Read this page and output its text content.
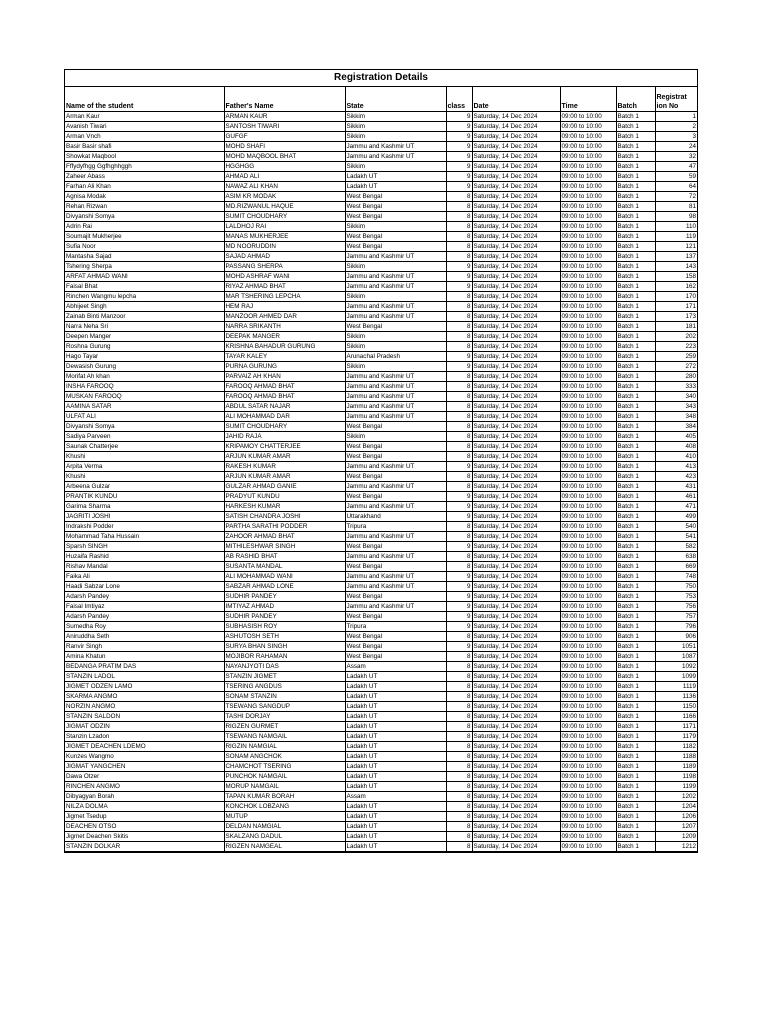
Registration Details
Name of the student	Father's Name	State	class	Date	Time	Batch	Registrat ion No
Arman Kaur	ARMAN KAUR	Sikkim	9	Saturday, 14 Dec 2024	09:00 to 10:00	Batch 1	1
Avanish Tiwari	SANTOSH TIWARI	Sikkim	9	Saturday, 14 Dec 2024	09:00 to 10:00	Batch 1	2
Arman Vnch	GUFGF	Sikkim	9	Saturday, 14 Dec 2024	09:00 to 10:00	Batch 1	3
Basir Basir shafi	MOHD SHAFI	Jammu and Kashmir UT	9	Saturday, 14 Dec 2024	09:00 to 10:00	Batch 1	24
Showkat Maqbool	MOHD MAQBOOL BHAT	Jammu and Kashmir UT	9	Saturday, 14 Dec 2024	09:00 to 10:00	Batch 1	32
Fffydyfhgg Ggfhghhggh	HGGHGG	Sikkim	9	Saturday, 14 Dec 2024	09:00 to 10:00	Batch 1	47
Zaheer Abass	AHMAD ALI	Ladakh UT	9	Saturday, 14 Dec 2024	09:00 to 10:00	Batch 1	59
Farhan Ali Khan	NAWAZ ALI KHAN	Ladakh UT	9	Saturday, 14 Dec 2024	09:00 to 10:00	Batch 1	64
Agnisa Modak	ASIM KR MODAK	West Bengal	8	Saturday, 14 Dec 2024	09:00 to 10:00	Batch 1	72
Rehan Rizwan	MD.RIZWANUL HAQUE	West Bengal	8	Saturday, 14 Dec 2024	09:00 to 10:00	Batch 1	81
Divyanshi Somya	SUMIT CHOUDHARY	West Bengal	8	Saturday, 14 Dec 2024	09:00 to 10:00	Batch 1	98
Adrin Rai	LALDHOJ RAI	Sikkim	8	Saturday, 14 Dec 2024	09:00 to 10:00	Batch 1	110
Soumajit Mukherjee	MANAS MUKHERJEE	West Bengal	8	Saturday, 14 Dec 2024	09:00 to 10:00	Batch 1	119
Sufia Noor	MD NOORUDDIN	West Bengal	8	Saturday, 14 Dec 2024	09:00 to 10:00	Batch 1	121
Mantasha Sajad	SAJAD AHMAD	Jammu and Kashmir UT	8	Saturday, 14 Dec 2024	09:00 to 10:00	Batch 1	137
Tshering Sherpa	PASSANG SHERPA	Sikkim	9	Saturday, 14 Dec 2024	09:00 to 10:00	Batch 1	143
ARFAT AHMAD WANI	MOHD ASHRAF WANI	Jammu and Kashmir UT	9	Saturday, 14 Dec 2024	09:00 to 10:00	Batch 1	158
Faisal Bhat	RIYAZ AHMAD BHAT	Jammu and Kashmir UT	9	Saturday, 14 Dec 2024	09:00 to 10:00	Batch 1	162
Rinchen Wangmu lepcha	MAR TSHERING LEPCHA	Sikkim	8	Saturday, 14 Dec 2024	09:00 to 10:00	Batch 1	170
Abhijeet Singh	HEM RAJ	Jammu and Kashmir UT	8	Saturday, 14 Dec 2024	09:00 to 10:00	Batch 1	171
Zainab Binti Manzoor	MANZOOR AHMED DAR	Jammu and Kashmir UT	8	Saturday, 14 Dec 2024	09:00 to 10:00	Batch 1	173
Narra Neha Sri	NARRA SRIKANTH	West Bengal	8	Saturday, 14 Dec 2024	09:00 to 10:00	Batch 1	181
Deepen Manger	DEEPAK MANGER	Sikkim	8	Saturday, 14 Dec 2024	09:00 to 10:00	Batch 1	202
Roshna Gurung	KRISHNA BAHADUR GURUNG	Sikkim	8	Saturday, 14 Dec 2024	09:00 to 10:00	Batch 1	223
Hago Tayar	TAYAR KALEY	Arunachal Pradesh	9	Saturday, 14 Dec 2024	09:00 to 10:00	Batch 1	259
Dewasish Gurung	PURNA GURUNG	Sikkim	9	Saturday, 14 Dec 2024	09:00 to 10:00	Batch 1	272
Morifat Ah khan	PARVAIZ AH KHAN	Jammu and Kashmir UT	8	Saturday, 14 Dec 2024	09:00 to 10:00	Batch 1	280
INSHA FAROOQ	FAROOQ AHMAD BHAT	Jammu and Kashmir UT	8	Saturday, 14 Dec 2024	09:00 to 10:00	Batch 1	333
MUSKAN FAROOQ	FAROOQ AHMAD BHAT	Jammu and Kashmir UT	8	Saturday, 14 Dec 2024	09:00 to 10:00	Batch 1	340
AAMINA SATAR	ABDUL SATAR NAJAR	Jammu and Kashmir UT	8	Saturday, 14 Dec 2024	09:00 to 10:00	Batch 1	343
ULFAT ALI	ALI MOHAMMAD DAR	Jammu and Kashmir UT	8	Saturday, 14 Dec 2024	09:00 to 10:00	Batch 1	348
Divyanshi Somya	SUMIT CHOUDHARY	West Bengal	8	Saturday, 14 Dec 2024	09:00 to 10:00	Batch 1	384
Sadiya Parveen	JAHID RAJA	Sikkim	8	Saturday, 14 Dec 2024	09:00 to 10:00	Batch 1	405
Saunak Chatterjee	KRIPAMOY CHATTERJEE	West Bengal	8	Saturday, 14 Dec 2024	09:00 to 10:00	Batch 1	408
Khushi	ARJUN KUMAR AMAR	West Bengal	8	Saturday, 14 Dec 2024	09:00 to 10:00	Batch 1	410
Arpita Verma	RAKESH KUMAR	Jammu and Kashmir UT	9	Saturday, 14 Dec 2024	09:00 to 10:00	Batch 1	413
Khushi	ARJUN KUMAR AMAR	West Bengal	8	Saturday, 14 Dec 2024	09:00 to 10:00	Batch 1	423
Arbeena Gulzar	GULZAR AHMAD GANIE	Jammu and Kashmir UT	8	Saturday, 14 Dec 2024	09:00 to 10:00	Batch 1	431
PRANTIK KUNDU	PRADYUT KUNDU	West Bengal	9	Saturday, 14 Dec 2024	09:00 to 10:00	Batch 1	461
Garima Sharma	HARKESH KUMAR	Jammu and Kashmir UT	9	Saturday, 14 Dec 2024	09:00 to 10:00	Batch 1	471
JAGRITI JOSHI	SATISH CHANDRA JOSHI	Uttarakhand	9	Saturday, 14 Dec 2024	09:00 to 10:00	Batch 1	499
Indrakshi Podder	PARTHA SARATHI PODDER	Tripura	8	Saturday, 14 Dec 2024	09:00 to 10:00	Batch 1	540
Mohammad Taha Hussain	ZAHOOR AHMAD BHAT	Jammu and Kashmir UT	8	Saturday, 14 Dec 2024	09:00 to 10:00	Batch 1	541
Sparsh SINGH	MITHILESHWAR SINGH	West Bengal	9	Saturday, 14 Dec 2024	09:00 to 10:00	Batch 1	582
Huzaifa Rashid	AB RASHID BHAT	Jammu and Kashmir UT	8	Saturday, 14 Dec 2024	09:00 to 10:00	Batch 1	638
Rishav Mandal	SUSANTA MANDAL	West Bengal	8	Saturday, 14 Dec 2024	09:00 to 10:00	Batch 1	669
Faika Ali	ALI MOHAMMAD WANI	Jammu and Kashmir UT	9	Saturday, 14 Dec 2024	09:00 to 10:00	Batch 1	748
Haadi Sabzar Lone	SABZAR AHMAD LONE	Jammu and Kashmir UT	9	Saturday, 14 Dec 2024	09:00 to 10:00	Batch 1	750
Adarsh Pandey	SUDHIR PANDEY	West Bengal	9	Saturday, 14 Dec 2024	09:00 to 10:00	Batch 1	753
Faisal Imtiyaz	IMTIYAZ AHMAD	Jammu and Kashmir UT	9	Saturday, 14 Dec 2024	09:00 to 10:00	Batch 1	756
Adarsh Pandey	SUDHIR PANDEY	West Bengal	9	Saturday, 14 Dec 2024	09:00 to 10:00	Batch 1	757
Sumedha Roy	SUBHASISH ROY	Tripura	9	Saturday, 14 Dec 2024	09:00 to 10:00	Batch 1	796
Aniruddha Seth	ASHUTOSH SETH	West Bengal	8	Saturday, 14 Dec 2024	09:00 to 10:00	Batch 1	906
Ranvir Singh	SURYA BHAN SINGH	West Bengal	9	Saturday, 14 Dec 2024	09:00 to 10:00	Batch 1	1051
Amina Khatun	MOJIBOR RAHAMAN	West Bengal	8	Saturday, 14 Dec 2024	09:00 to 10:00	Batch 1	1087
BEDANGA PRATIM DAS	NAYANJYOTI DAS	Assam	8	Saturday, 14 Dec 2024	09:00 to 10:00	Batch 1	1092
STANZIN LADOL	STANZIN JIGMET	Ladakh UT	8	Saturday, 14 Dec 2024	09:00 to 10:00	Batch 1	1099
JIGMET ODZEN LAMO	TSERING ANGDUS	Ladakh UT	8	Saturday, 14 Dec 2024	09:00 to 10:00	Batch 1	1119
SKARMA ANGMO	SONAM STANZIN	Ladakh UT	8	Saturday, 14 Dec 2024	09:00 to 10:00	Batch 1	1136
NORZIN ANGMO	TSEWANG SANGDUP	Ladakh UT	8	Saturday, 14 Dec 2024	09:00 to 10:00	Batch 1	1150
STANZIN SALDON	TASHI DORJAY	Ladakh UT	8	Saturday, 14 Dec 2024	09:00 to 10:00	Batch 1	1166
JIGMAT ODZIN	RIGZEN GURMET	Ladakh UT	8	Saturday, 14 Dec 2024	09:00 to 10:00	Batch 1	1171
Stanzin Lzadon	TSEWANG NAMGAIL	Ladakh UT	8	Saturday, 14 Dec 2024	09:00 to 10:00	Batch 1	1179
JIGMET DEACHEN LDEMO	RIGZIN NAMGIAL	Ladakh UT	8	Saturday, 14 Dec 2024	09:00 to 10:00	Batch 1	1182
Kunzes Wangmo	SONAM ANGCHOK	Ladakh UT	8	Saturday, 14 Dec 2024	09:00 to 10:00	Batch 1	1188
JIGMAT YANGCHEN	CHAMCHOT TSERING	Ladakh UT	8	Saturday, 14 Dec 2024	09:00 to 10:00	Batch 1	1189
Dawa Otzer	PUNCHOK NAMGAIL	Ladakh UT	8	Saturday, 14 Dec 2024	09:00 to 10:00	Batch 1	1198
RINCHEN ANGMO	MORUP NAMGAIL	Ladakh UT	8	Saturday, 14 Dec 2024	09:00 to 10:00	Batch 1	1199
Dibyagyan Borah	TAPAN KUMAR BORAH	Assam	8	Saturday, 14 Dec 2024	09:00 to 10:00	Batch 1	1202
NILZA DOLMA	KONCHOK LOBZANG	Ladakh UT	8	Saturday, 14 Dec 2024	09:00 to 10:00	Batch 1	1204
Jigmet Tsedup	MUTUP	Ladakh UT	8	Saturday, 14 Dec 2024	09:00 to 10:00	Batch 1	1206
DEACHEN OTSO	DELDAN NAMGIAL	Ladakh UT	8	Saturday, 14 Dec 2024	09:00 to 10:00	Batch 1	1207
Jigmet Deachen Skitis	SKALZANG DADUL	Ladakh UT	8	Saturday, 14 Dec 2024	09:00 to 10:00	Batch 1	1209
STANZIN DOLKAR	RIGZEN NAMGEAL	Ladakh UT	8	Saturday, 14 Dec 2024	09:00 to 10:00	Batch 1	1212
